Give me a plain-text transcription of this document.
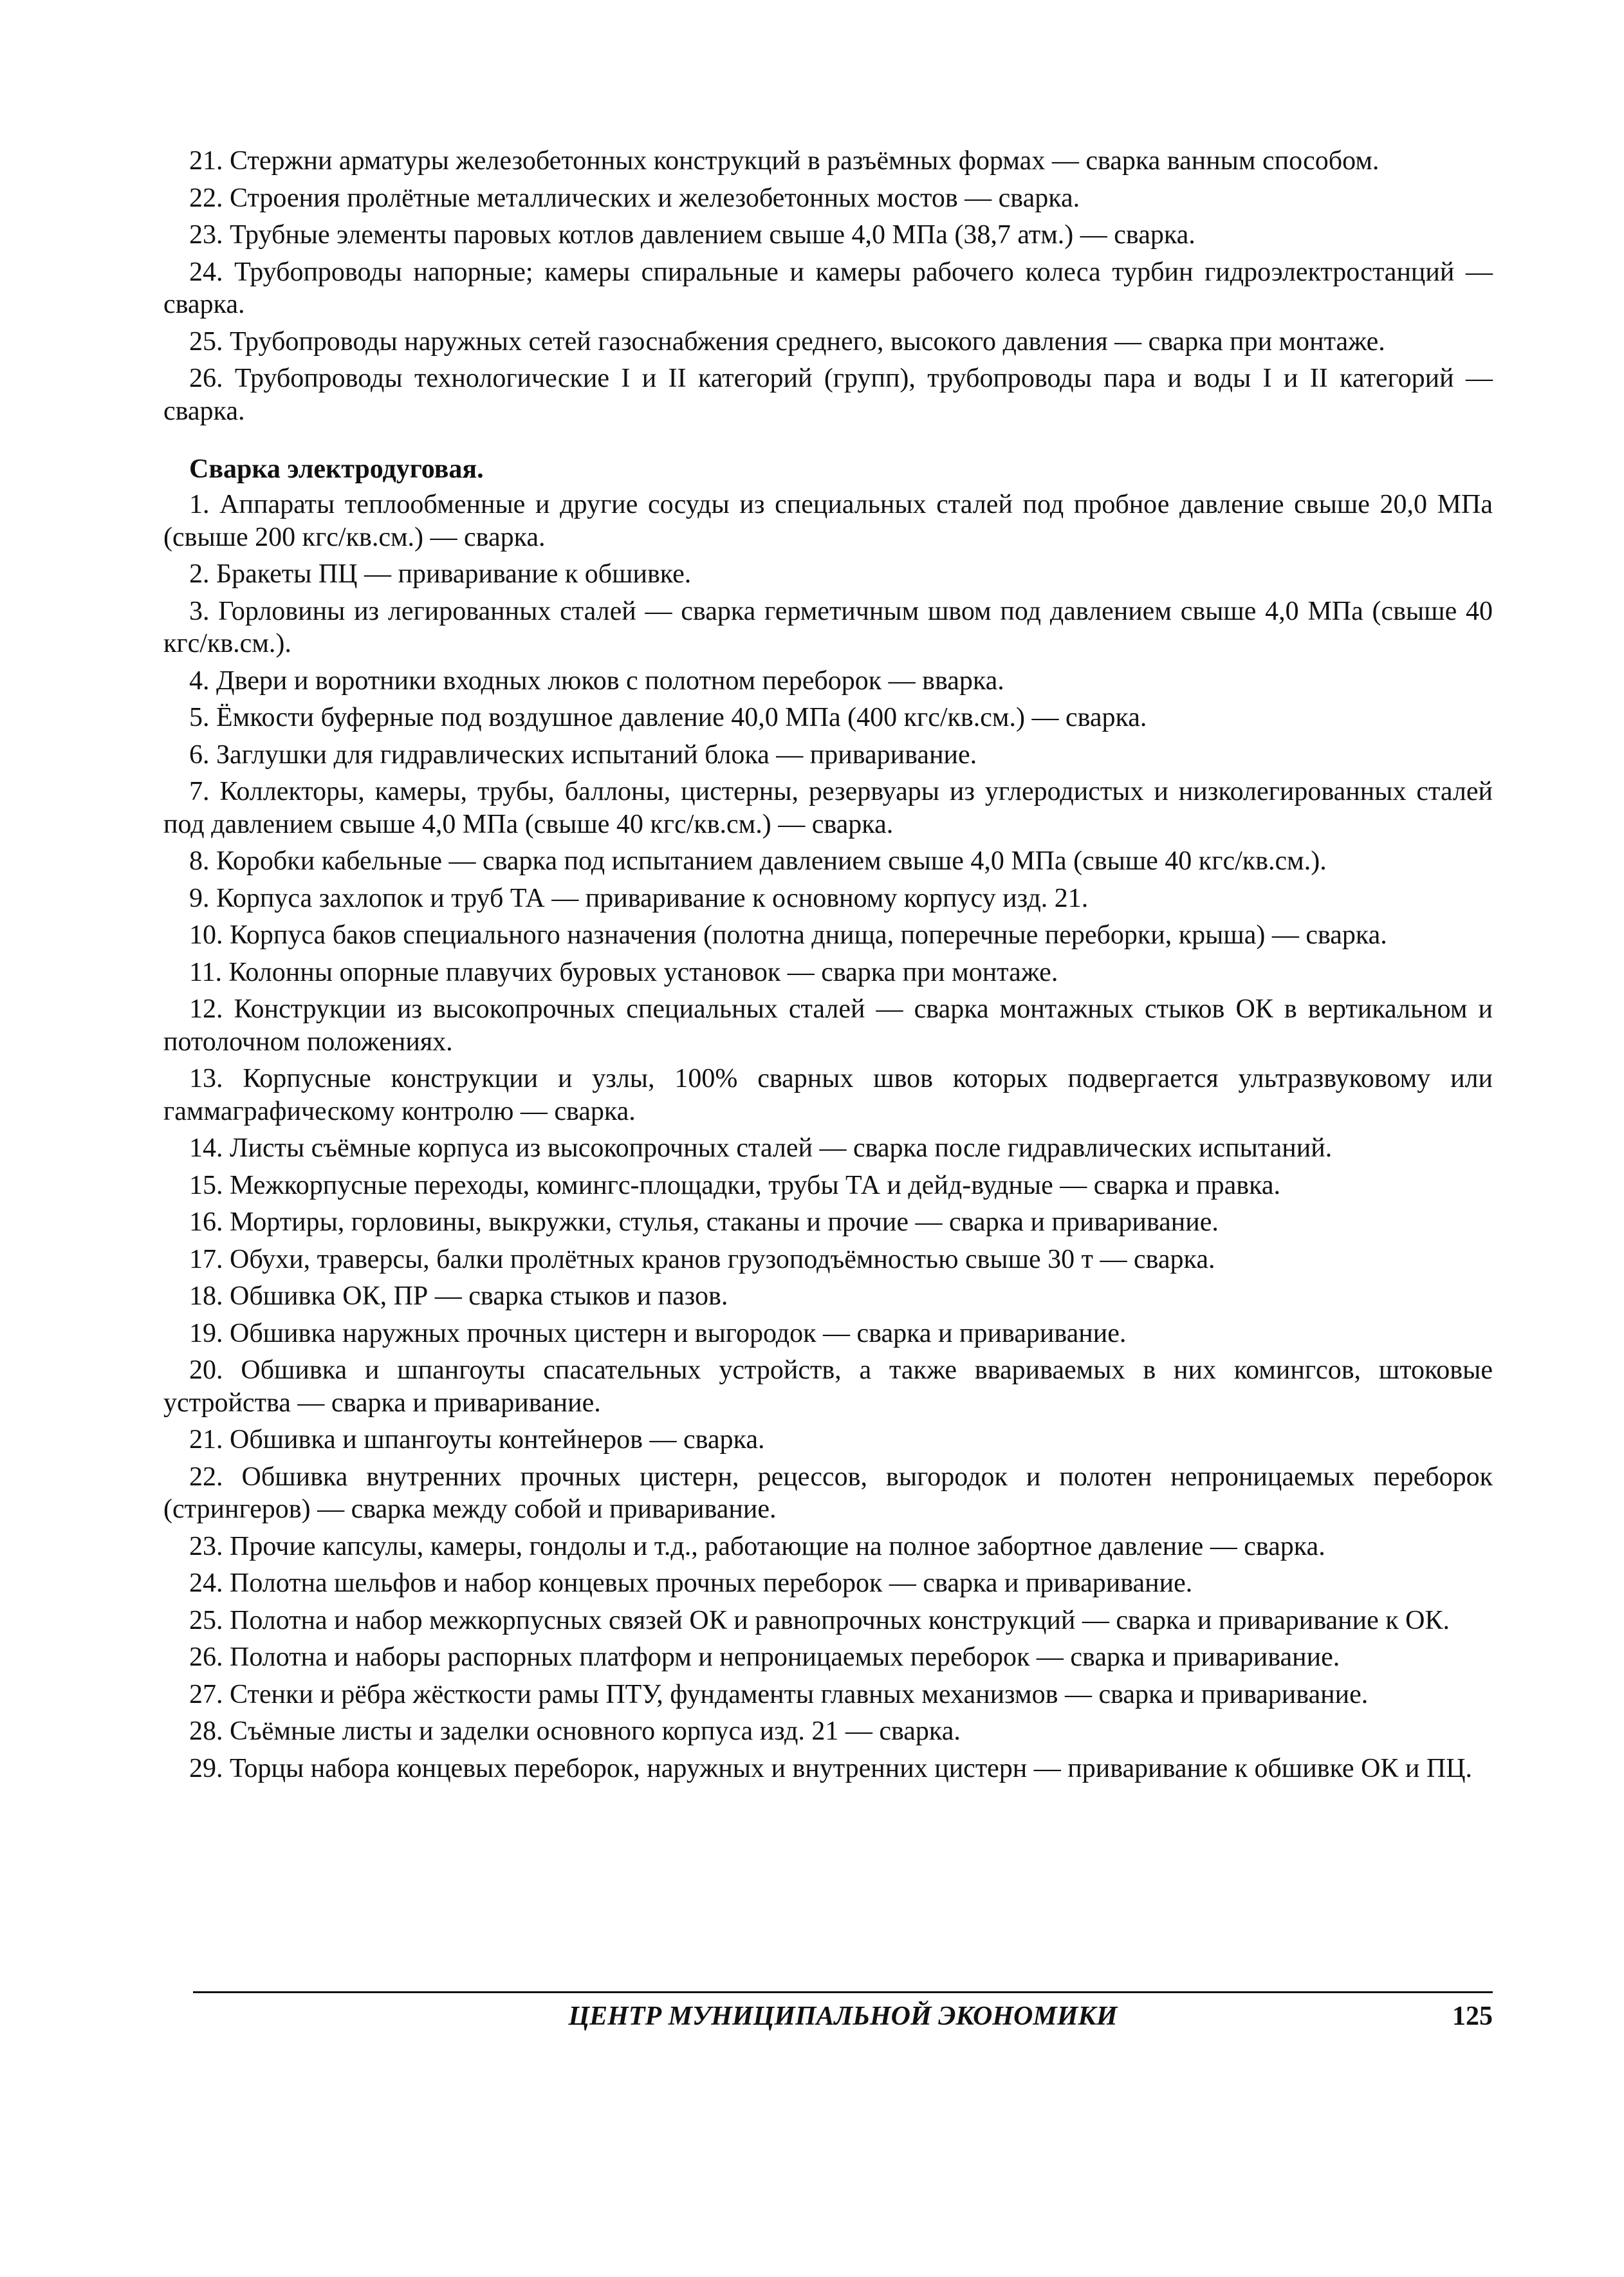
21. Стержни арматуры железобетонных конструкций в разъёмных формах — сварка ванным способом.

22. Строения пролётные металлических и железобетонных мостов — сварка.

23. Трубные элементы паровых котлов давлением свыше 4,0 МПа (38,7 атм.) — сварка.

24. Трубопроводы напорные; камеры спиральные и камеры рабочего колеса турбин гидроэлектростанций — сварка.

25. Трубопроводы наружных сетей газоснабжения среднего, высокого давления — сварка при монтаже.

26. Трубопроводы технологические I и II категорий (групп), трубопроводы пара и воды I и II категорий — сварка.

Сварка электродуговая.

1. Аппараты теплообменные и другие сосуды из специальных сталей под пробное давление свыше 20,0 МПа (свыше 200 кгс/кв.см.) — сварка.

2. Бракеты ПЦ — приваривание к обшивке.

3. Горловины из легированных сталей — сварка герметичным швом под давлением свыше 4,0 МПа (свыше 40 кгс/кв.см.).

4. Двери и воротники входных люков с полотном переборок — вварка.

5. Ёмкости буферные под воздушное давление 40,0 МПа (400 кгс/кв.см.) — сварка.

6. Заглушки для гидравлических испытаний блока — приваривание.

7. Коллекторы, камеры, трубы, баллоны, цистерны, резервуары из углеродистых и низколегированных сталей под давлением свыше 4,0 МПа (свыше 40 кгс/кв.см.) — сварка.

8. Коробки кабельные — сварка под испытанием давлением свыше 4,0 МПа (свыше 40 кгс/кв.см.).

9. Корпуса захлопок и труб ТА — приваривание к основному корпусу изд. 21.

10. Корпуса баков специального назначения (полотна днища, поперечные переборки, крыша) — сварка.

11. Колонны опорные плавучих буровых установок — сварка при монтаже.

12. Конструкции из высокопрочных специальных сталей — сварка монтажных стыков ОК в вертикальном и потолочном положениях.

13. Корпусные конструкции и узлы, 100% сварных швов которых подвергается ультразвуковому или гаммаграфическому контролю — сварка.

14. Листы съёмные корпуса из высокопрочных сталей — сварка после гидравлических испытаний.

15. Межкорпусные переходы, комингс-площадки, трубы ТА и дейд-вудные — сварка и правка.

16. Мортиры, горловины, выкружки, стулья, стаканы и прочие — сварка и приваривание.

17. Обухи, траверсы, балки пролётных кранов грузоподъёмностью свыше 30 т — сварка.

18. Обшивка ОК, ПР — сварка стыков и пазов.

19. Обшивка наружных прочных цистерн и выгородок — сварка и приваривание.

20. Обшивка и шпангоуты спасательных устройств, а также ввариваемых в них комингсов, штоковые устройства — сварка и приваривание.

21. Обшивка и шпангоуты контейнеров — сварка.

22. Обшивка внутренних прочных цистерн, рецессов, выгородок и полотен непроницаемых переборок (стрингеров) — сварка между собой и приваривание.

23. Прочие капсулы, камеры, гондолы и т.д., работающие на полное забортное давление — сварка.

24. Полотна шельфов и набор концевых прочных переборок — сварка и приваривание.

25. Полотна и набор межкорпусных связей ОК и равнопрочных конструкций — сварка и приваривание к ОК.

26. Полотна и наборы распорных платформ и непроницаемых переборок — сварка и приваривание.

27. Стенки и рёбра жёсткости рамы ПТУ, фундаменты главных механизмов — сварка и приваривание.

28. Съёмные листы и заделки основного корпуса изд. 21 — сварка.

29. Торцы набора концевых переборок, наружных и внутренних цистерн — приваривание к обшивке ОК и ПЦ.

ЦЕНТР МУНИЦИПАЛЬНОЙ ЭКОНОМИКИ	125
